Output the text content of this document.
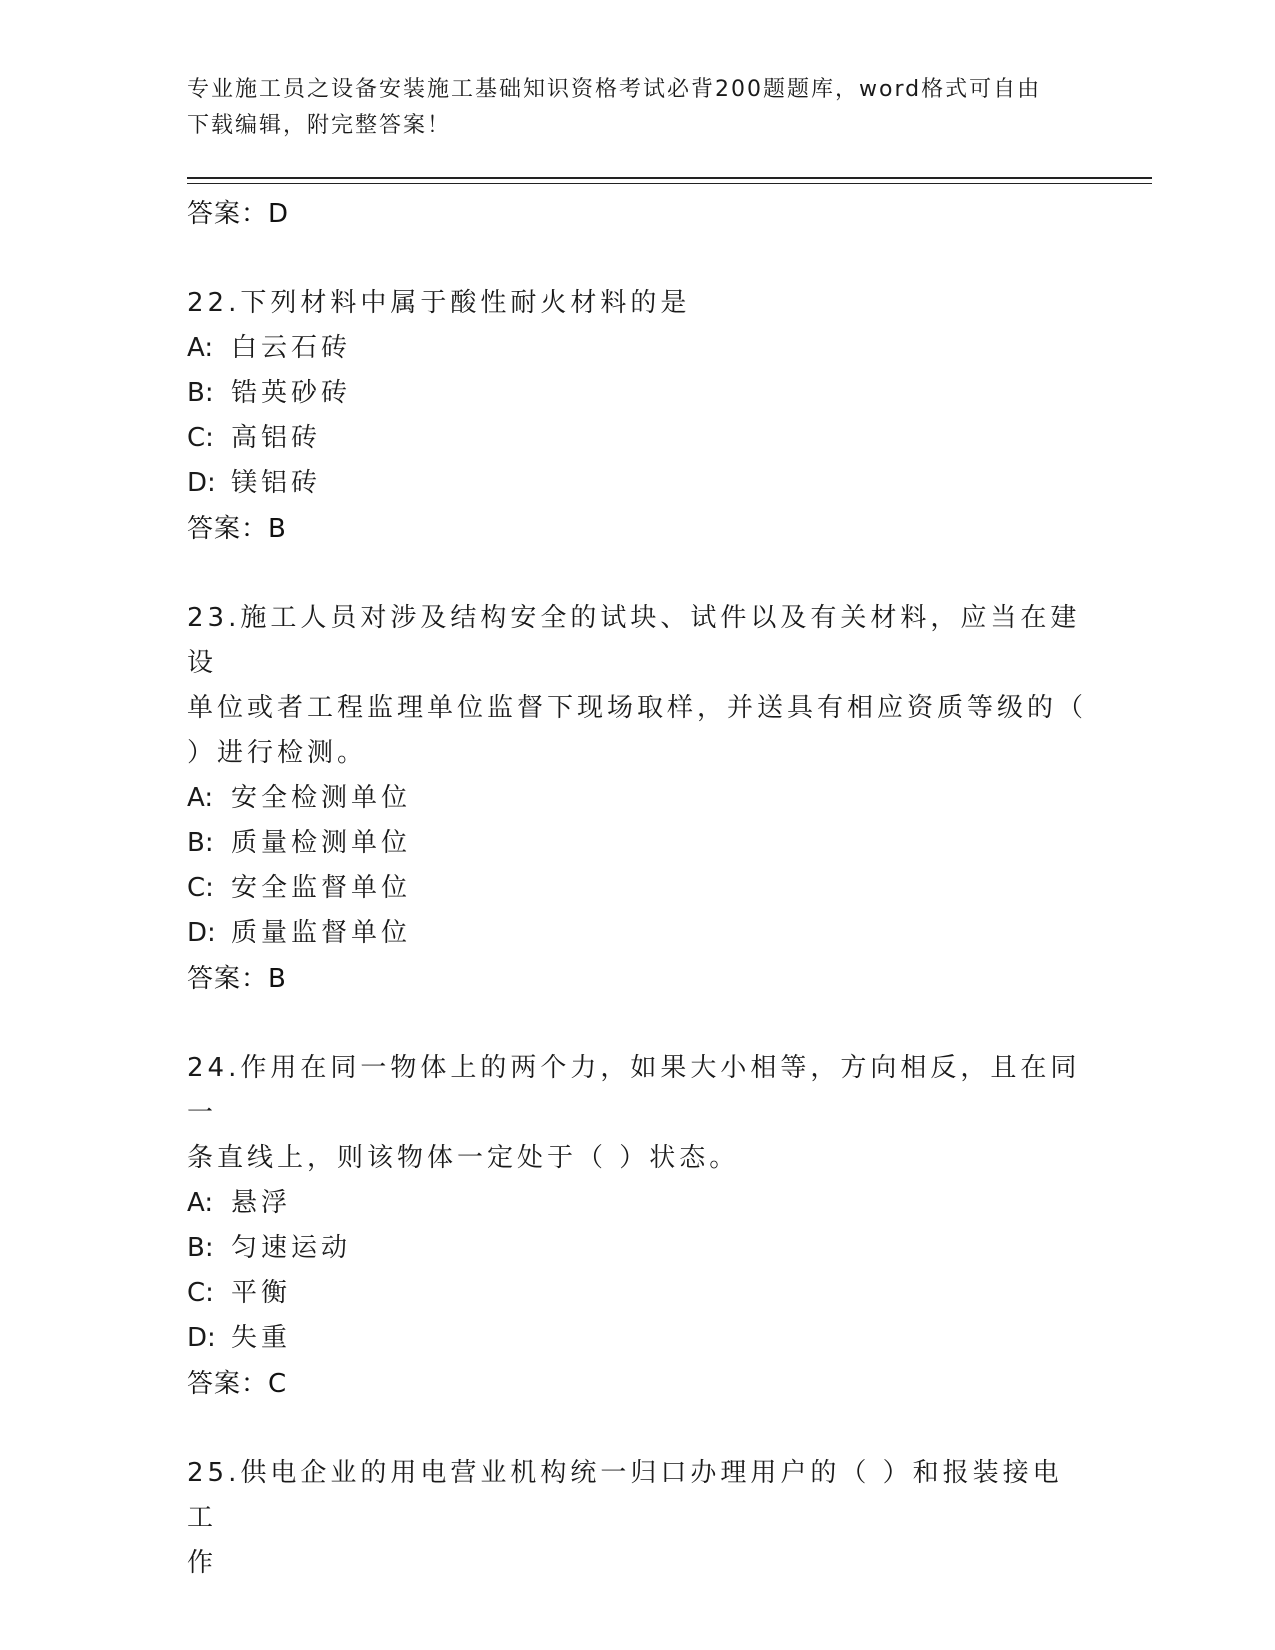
专业施工员之设备安装施工基础知识资格考试必背200题题库，word格式可自由
下载编辑，附完整答案！
答案：D
22.下列材料中属于酸性耐火材料的是
A: 白云石砖
B: 锆英砂砖
C: 高铝砖
D: 镁铝砖
答案：B
23.施工人员对涉及结构安全的试块、试件以及有关材料，应当在建设
单位或者工程监理单位监督下现场取样，并送具有相应资质等级的（
）进行检测。
A: 安全检测单位
B: 质量检测单位
C: 安全监督单位
D: 质量监督单位
答案：B
24.作用在同一物体上的两个力，如果大小相等，方向相反，且在同一
条直线上，则该物体一定处于（ ）状态。
A: 悬浮
B: 匀速运动
C: 平衡
D: 失重
答案：C
25.供电企业的用电营业机构统一归口办理用户的（ ）和报装接电工
作
